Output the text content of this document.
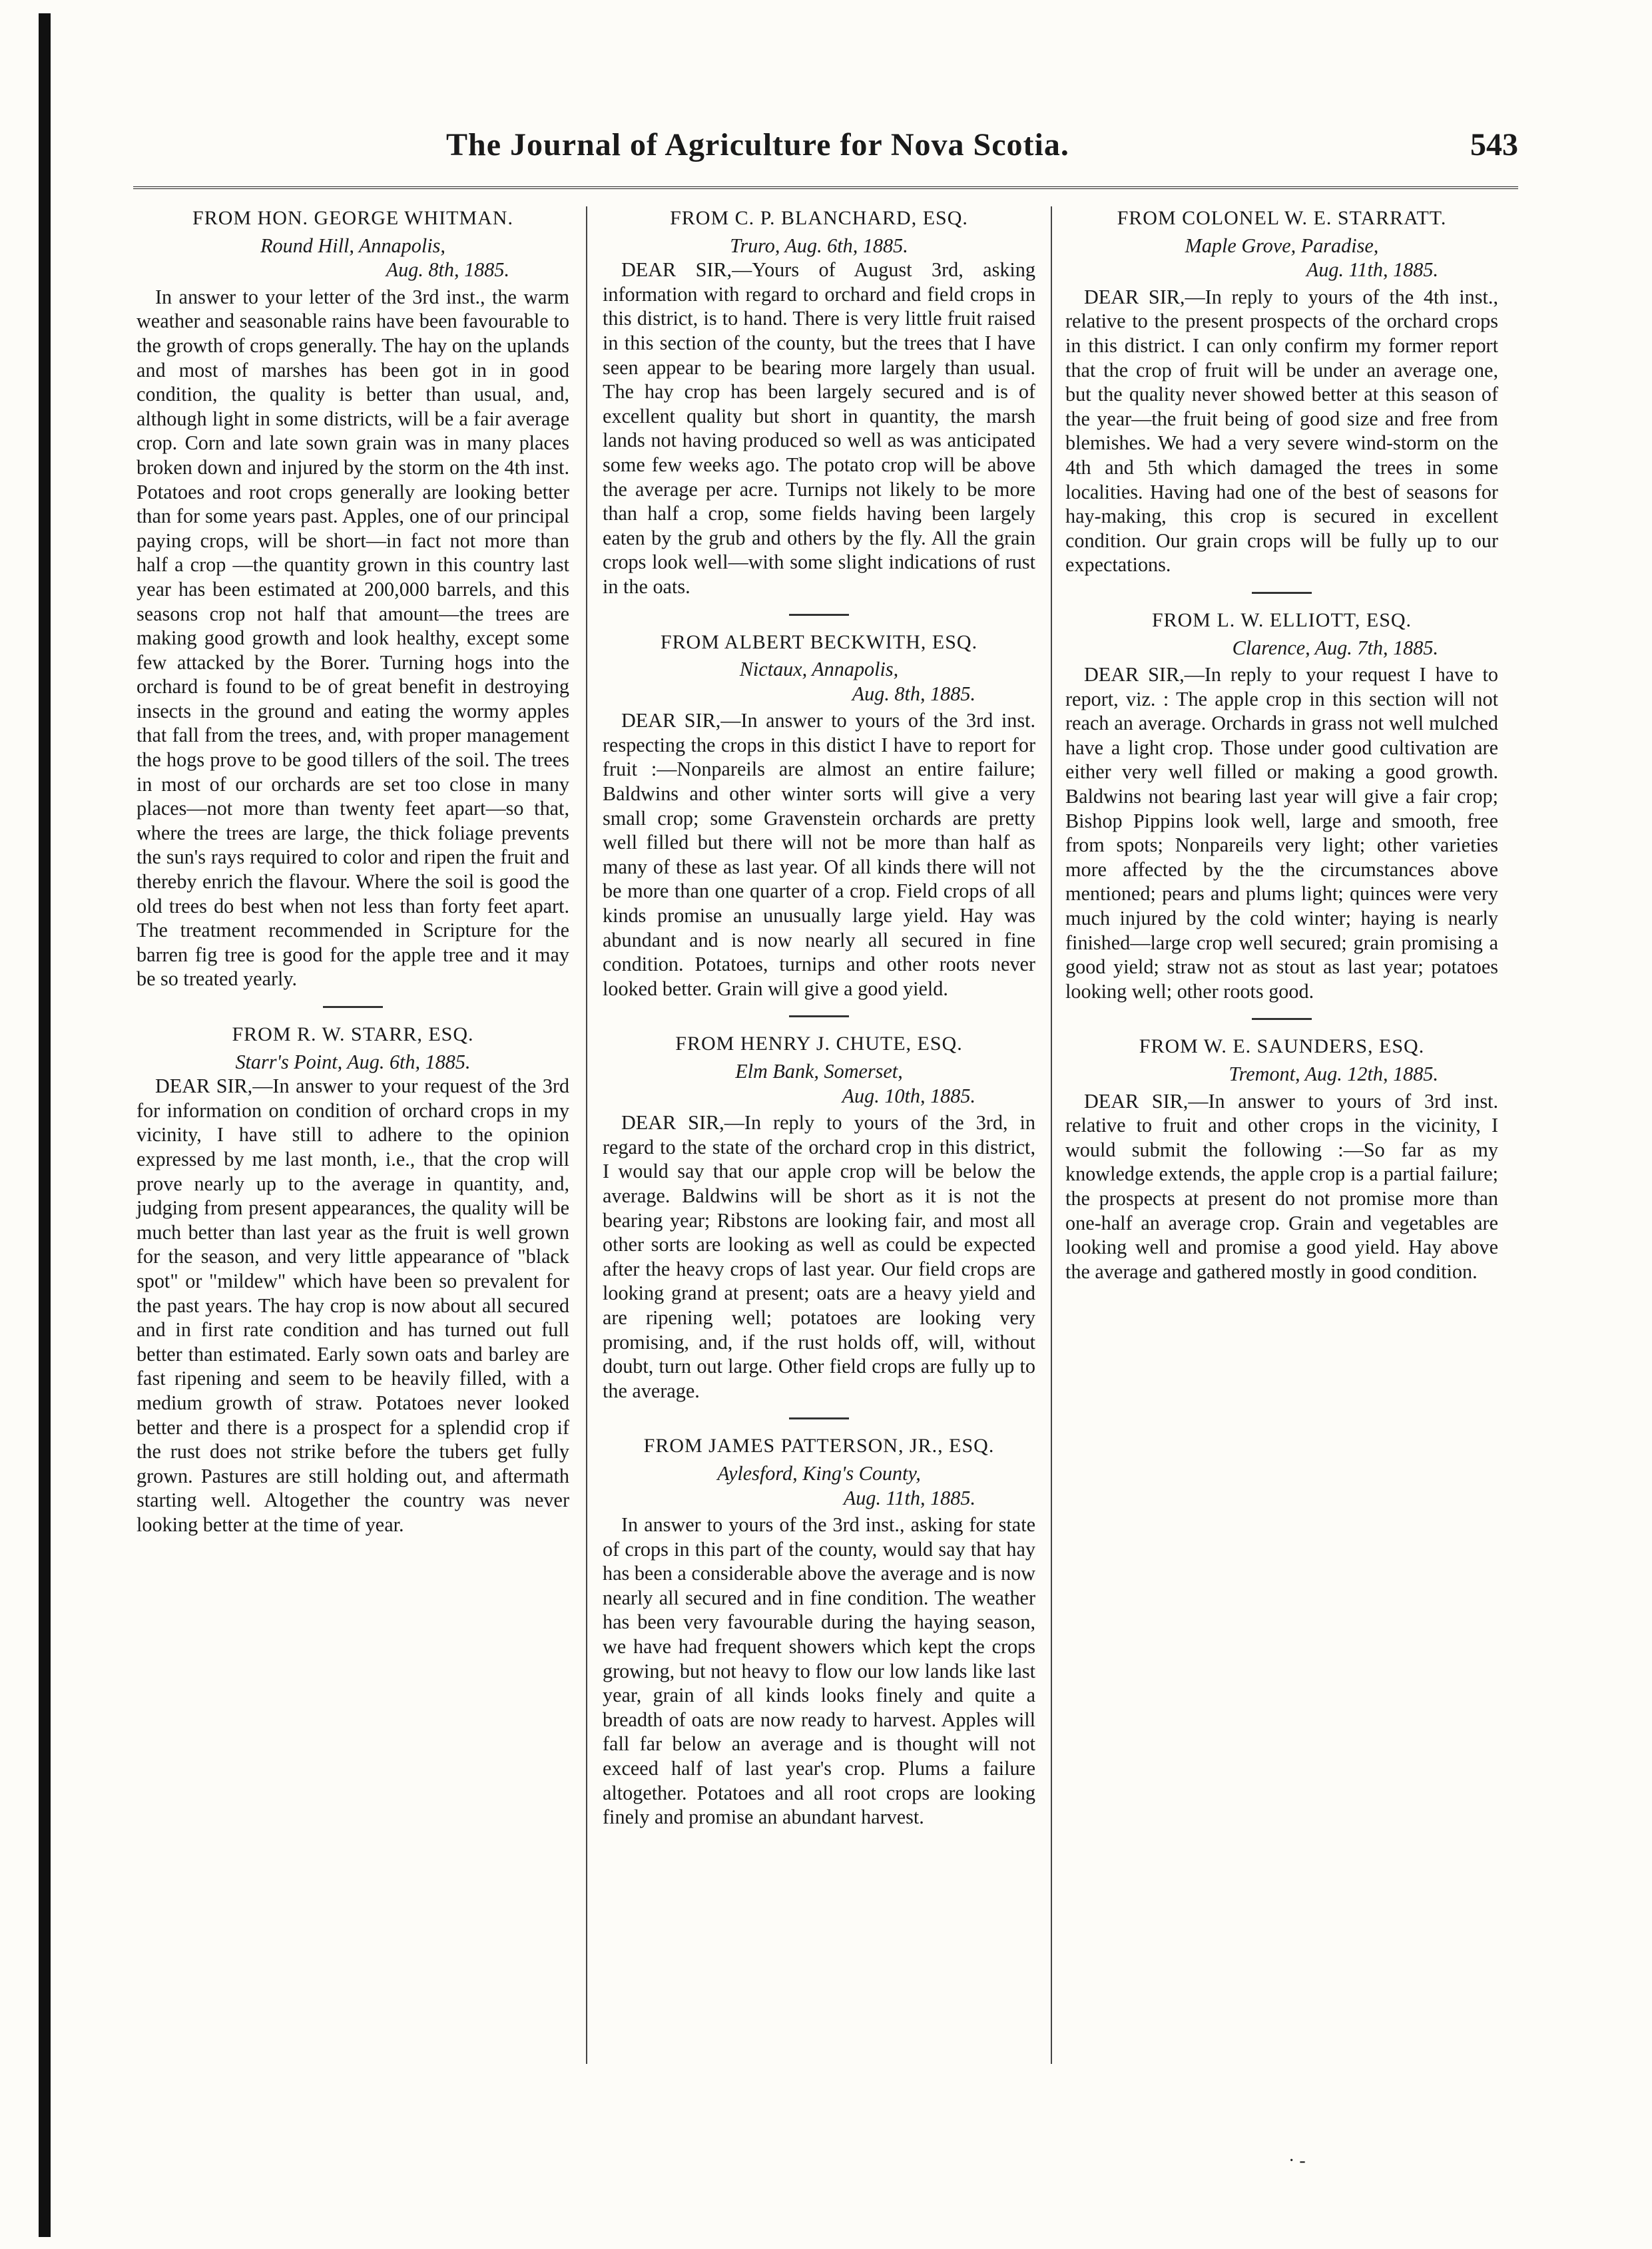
The Journal of Agriculture for Nova Scotia.	543

FROM HON. GEORGE WHITMAN.

Round Hill, Annapolis,

Aug. 8th, 1885.

In answer to your letter of the 3rd inst., the warm weather and seasonable rains have been favourable to the growth of crops generally. The hay on the uplands and most of marshes has been got in in good condition, the quality is better than usual, and, although light in some districts, will be a fair average crop. Corn and late sown grain was in many places broken down and injured by the storm on the 4th inst. Potatoes and root crops generally are looking better than for some years past. Apples, one of our principal paying crops, will be short—in fact not more than half a crop —the quantity grown in this country last year has been estimated at 200,000 barrels, and this seasons crop not half that amount—the trees are making good growth and look healthy, except some few attacked by the Borer. Turning hogs into the orchard is found to be of great benefit in destroying insects in the ground and eating the wormy apples that fall from the trees, and, with proper management the hogs prove to be good tillers of the soil. The trees in most of our orchards are set too close in many places—not more than twenty feet apart—so that, where the trees are large, the thick foliage prevents the sun's rays required to color and ripen the fruit and thereby enrich the flavour. Where the soil is good the old trees do best when not less than forty feet apart. The treatment recommended in Scripture for the barren fig tree is good for the apple tree and it may be so treated yearly.

FROM R. W. STARR, ESQ.

Starr's Point, Aug. 6th, 1885.

DEAR SIR,—In answer to your request of the 3rd for information on condition of orchard crops in my vicinity, I have still to adhere to the opinion expressed by me last month, i.e., that the crop will prove nearly up to the average in quantity, and, judging from present appearances, the quality will be much better than last year as the fruit is well grown for the season, and very little appearance of "black spot" or "mildew" which have been so prevalent for the past years. The hay crop is now about all secured and in first rate condition and has turned out full better than estimated. Early sown oats and barley are fast ripening and seem to be heavily filled, with a medium growth of straw. Potatoes never looked better and there is a prospect for a splendid crop if the rust does not strike before the tubers get fully grown. Pastures are still holding out, and aftermath starting well. Altogether the country was never looking better at the time of year.

FROM C. P. BLANCHARD, ESQ.

Truro, Aug. 6th, 1885.

DEAR SIR,—Yours of August 3rd, asking information with regard to orchard and field crops in this district, is to hand. There is very little fruit raised in this section of the county, but the trees that I have seen appear to be bearing more largely than usual. The hay crop has been largely secured and is of excellent quality but short in quantity, the marsh lands not having produced so well as was anticipated some few weeks ago. The potato crop will be above the average per acre. Turnips not likely to be more than half a crop, some fields having been largely eaten by the grub and others by the fly. All the grain crops look well—with some slight indications of rust in the oats.

FROM ALBERT BECKWITH, ESQ.

Nictaux, Annapolis,

Aug. 8th, 1885.

DEAR SIR,—In answer to yours of the 3rd inst. respecting the crops in this distict I have to report for fruit :—Nonpareils are almost an entire failure; Baldwins and other winter sorts will give a very small crop; some Gravenstein orchards are pretty well filled but there will not be more than half as many of these as last year. Of all kinds there will not be more than one quarter of a crop. Field crops of all kinds promise an unusually large yield. Hay was abundant and is now nearly all secured in fine condition. Potatoes, turnips and other roots never looked better. Grain will give a good yield.

FROM HENRY J. CHUTE, ESQ.

Elm Bank, Somerset,

Aug. 10th, 1885.

DEAR SIR,—In reply to yours of the 3rd, in regard to the state of the orchard crop in this district, I would say that our apple crop will be below the average. Baldwins will be short as it is not the bearing year; Ribstons are looking fair, and most all other sorts are looking as well as could be expected after the heavy crops of last year. Our field crops are looking grand at present; oats are a heavy yield and are ripening well; potatoes are looking very promising, and, if the rust holds off, will, without doubt, turn out large. Other field crops are fully up to the average.

FROM JAMES PATTERSON, JR., ESQ.

Aylesford, King's County,

Aug. 11th, 1885.

In answer to yours of the 3rd inst., asking for state of crops in this part of the county, would say that hay has been a considerable above the average and is now nearly all secured and in fine condition. The weather has been very favourable during the haying season, we have had frequent showers which kept the crops growing, but not heavy to flow our low lands like last year, grain of all kinds looks finely and quite a breadth of oats are now ready to harvest. Apples will fall far below an average and is thought will not exceed half of last year's crop. Plums a failure altogether. Potatoes and all root crops are looking finely and promise an abundant harvest.

FROM COLONEL W. E. STARRATT.

Maple Grove, Paradise,

Aug. 11th, 1885.

DEAR SIR,—In reply to yours of the 4th inst., relative to the present prospects of the orchard crops in this district. I can only confirm my former report that the crop of fruit will be under an average one, but the quality never showed better at this season of the year—the fruit being of good size and free from blemishes. We had a very severe wind-storm on the 4th and 5th which damaged the trees in some localities. Having had one of the best of seasons for hay-making, this crop is secured in excellent condition. Our grain crops will be fully up to our expectations.

FROM L. W. ELLIOTT, ESQ.

Clarence, Aug. 7th, 1885.

DEAR SIR,—In reply to your request I have to report, viz. : The apple crop in this section will not reach an average. Orchards in grass not well mulched have a light crop. Those under good cultivation are either very well filled or making a good growth. Baldwins not bearing last year will give a fair crop; Bishop Pippins look well, large and smooth, free from spots; Nonpareils very light; other varieties more affected by the the circumstances above mentioned; pears and plums light; quinces were very much injured by the cold winter; haying is nearly finished—large crop well secured; grain promising a good yield; straw not as stout as last year; potatoes looking well; other roots good.

FROM W. E. SAUNDERS, ESQ.

Tremont, Aug. 12th, 1885.

DEAR SIR,—In answer to yours of 3rd inst. relative to fruit and other crops in the vicinity, I would submit the following :—So far as my knowledge extends, the apple crop is a partial failure; the prospects at present do not promise more than one-half an average crop. Grain and vegetables are looking well and promise a good yield. Hay above the average and gathered mostly in good condition.

· -
